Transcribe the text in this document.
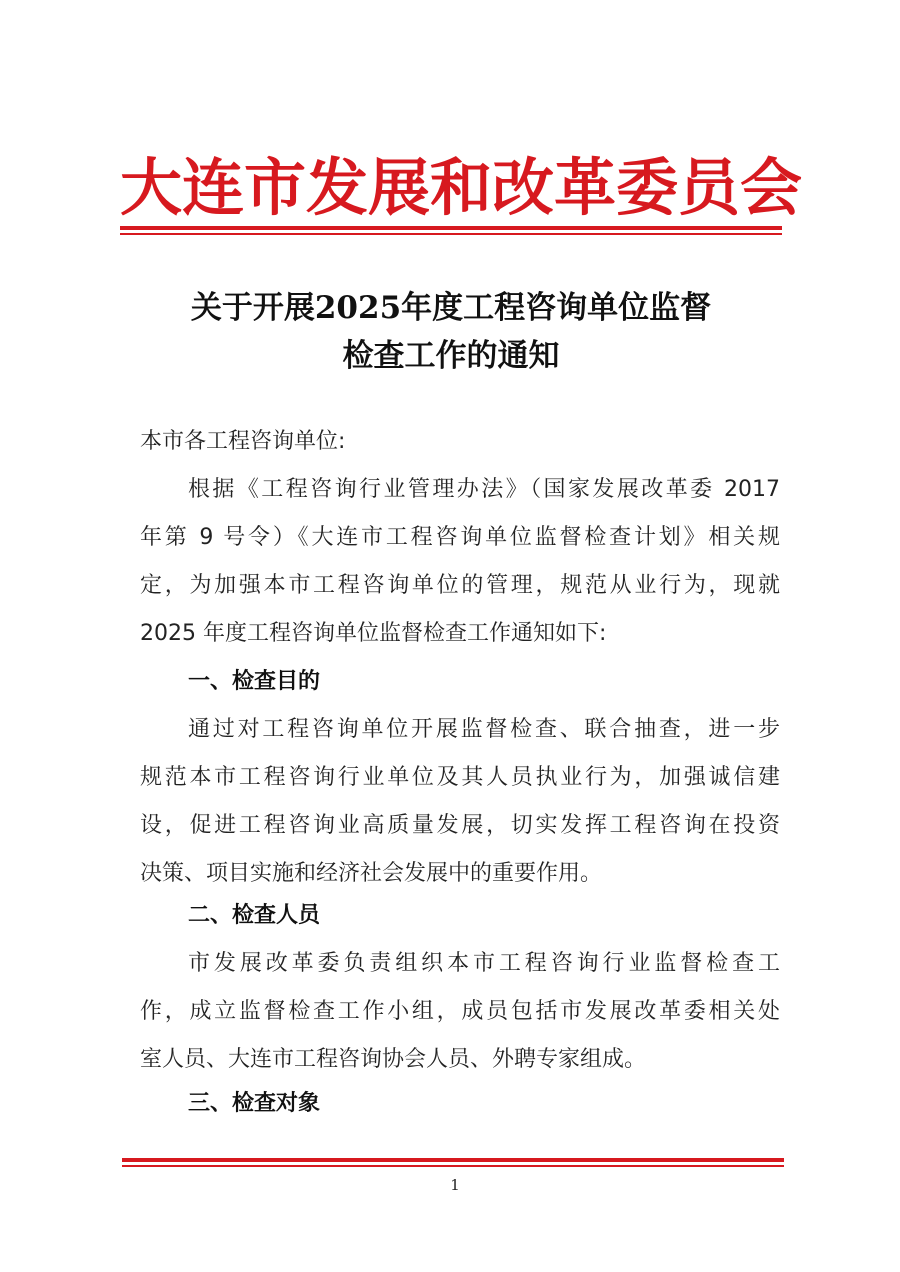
大连市发展和改革委员会
关于开展2025年度工程咨询单位监督
检查工作的通知
本市各工程咨询单位:
根据《工程咨询行业管理办法》（国家发展改革委 2017
年第 9 号令）《大连市工程咨询单位监督检查计划》相关规
定，为加强本市工程咨询单位的管理，规范从业行为，现就
2025 年度工程咨询单位监督检查工作通知如下:
一、检查目的
通过对工程咨询单位开展监督检查、联合抽查，进一步
规范本市工程咨询行业单位及其人员执业行为，加强诚信建
设，促进工程咨询业高质量发展，切实发挥工程咨询在投资
决策、项目实施和经济社会发展中的重要作用。
二、检查人员
市发展改革委负责组织本市工程咨询行业监督检查工
作，成立监督检查工作小组，成员包括市发展改革委相关处
室人员、大连市工程咨询协会人员、外聘专家组成。
三、检查对象
1
